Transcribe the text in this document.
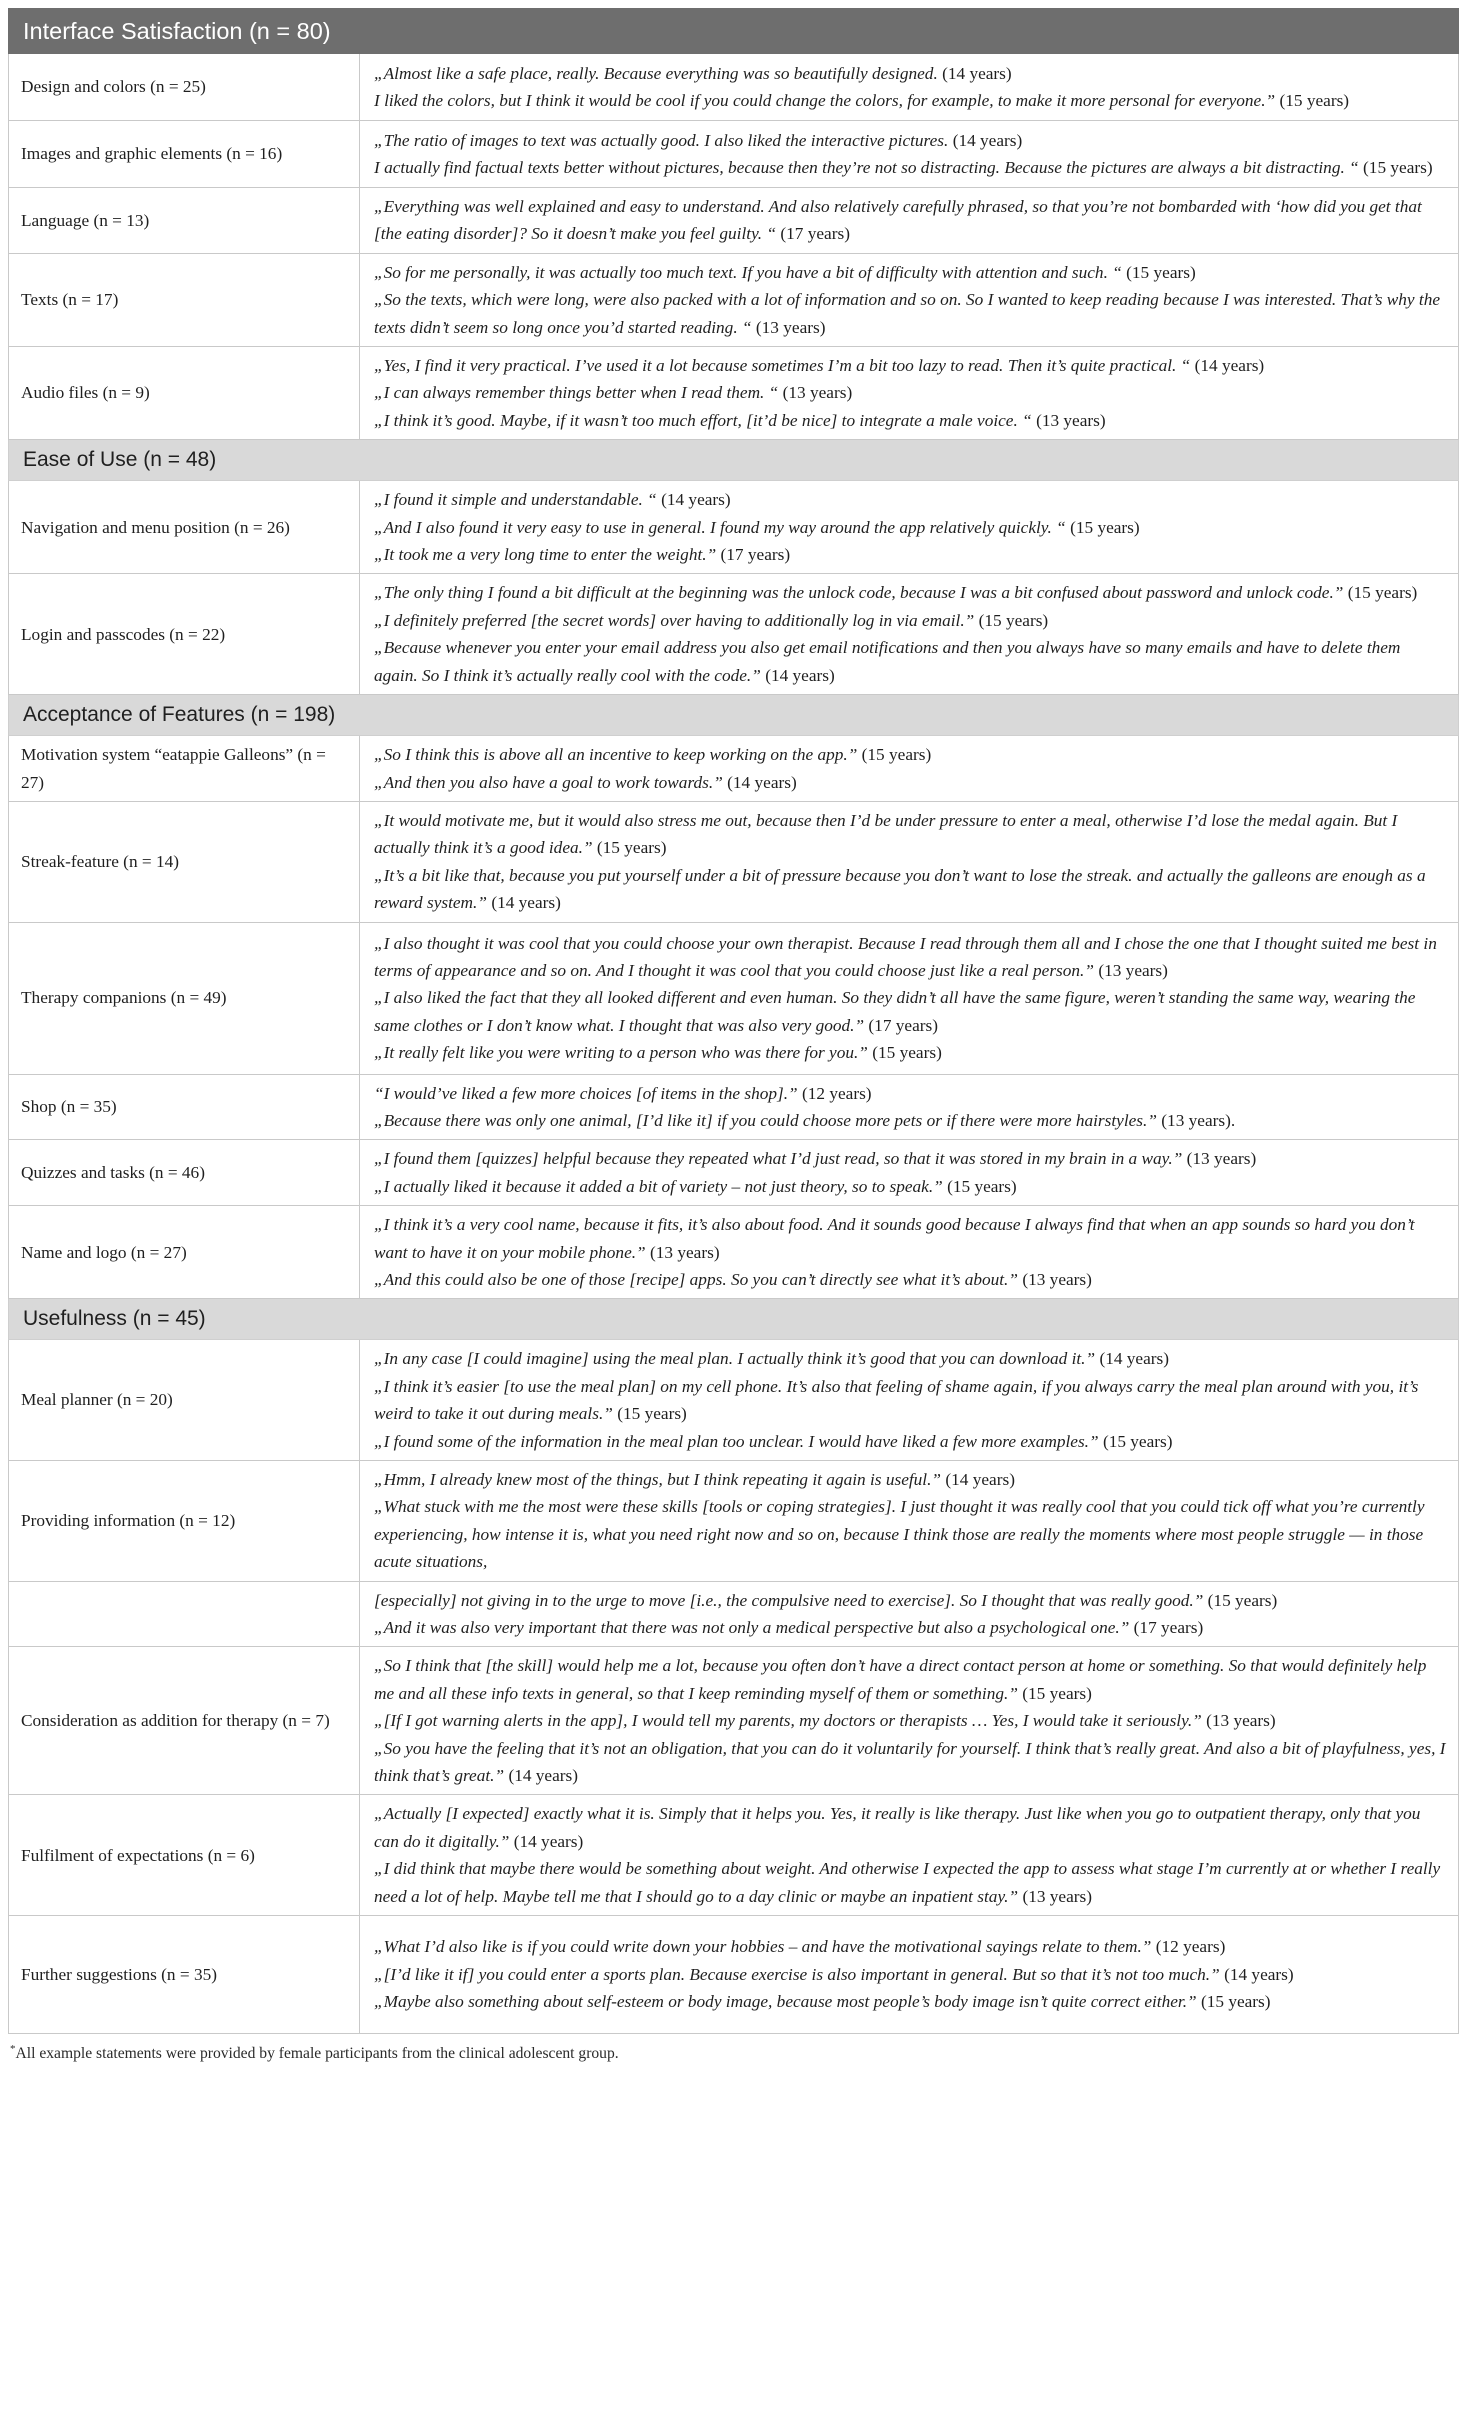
Interface Satisfaction (n = 80)	
Design and colors (n = 25)	„Almost like a safe place, really. Because everything was so beautifully designed. (14 years)
I liked the colors, but I think it would be cool if you could change the colors, for example, to make it more personal for everyone.” (15 years)

Images and graphic elements (n = 16)	„The ratio of images to text was actually good. I also liked the interactive pictures. (14 years)
I actually find factual texts better without pictures, because then they’re not so distracting. Because the pictures are always a bit distracting. “ (15 years)

Language (n = 13)	„Everything was well explained and easy to understand. And also relatively carefully phrased, so that you’re not bombarded with ‘how did you get that [the eating disorder]? So it doesn’t make you feel guilty. “ (17 years)

Texts (n = 17)	„So for me personally, it was actually too much text. If you have a bit of difficulty with attention and such. “ (15 years)
„So the texts, which were long, were also packed with a lot of information and so on. So I wanted to keep reading because I was interested. That’s why the texts didn’t seem so long once you’d started reading. “ (13 years)

Audio files (n = 9)	„Yes, I find it very practical. I’ve used it a lot because sometimes I’m a bit too lazy to read. Then it’s quite practical. “ (14 years)
„I can always remember things better when I read them. “ (13 years)
„I think it’s good. Maybe, if it wasn’t too much effort, [it’d be nice] to integrate a male voice. “ (13 years)

Ease of Use (n = 48)	
Navigation and menu position (n = 26)	„I found it simple and understandable. “ (14 years)
„And I also found it very easy to use in general. I found my way around the app relatively quickly. “ (15 years)
„It took me a very long time to enter the weight.” (17 years)

Login and passcodes (n = 22)	„The only thing I found a bit difficult at the beginning was the unlock code, because I was a bit confused about password and unlock code.” (15 years)
„I definitely preferred [the secret words] over having to additionally log in via email.” (15 years)
„Because whenever you enter your email address you also get email notifications and then you always have so many emails and have to delete them again. So I think it’s actually really cool with the code.” (14 years)

Acceptance of Features (n = 198)	
Motivation system “eatappie Galleons” (n = 27)	„So I think this is above all an incentive to keep working on the app.” (15 years)
„And then you also have a goal to work towards.” (14 years)

Streak-feature (n = 14)	„It would motivate me, but it would also stress me out, because then I’d be under pressure to enter a meal, otherwise I’d lose the medal again. But I actually think it’s a good idea.” (15 years)
„It’s a bit like that, because you put yourself under a bit of pressure because you don’t want to lose the streak. and actually the galleons are enough as a reward system.” (14 years)

Therapy companions (n = 49)	„I also thought it was cool that you could choose your own therapist. Because I read through them all and I chose the one that I thought suited me best in terms of appearance and so on. And I thought it was cool that you could choose just like a real person.” (13 years)
„I also liked the fact that they all looked different and even human. So they didn’t all have the same figure, weren’t standing the same way, wearing the same clothes or I don’t know what. I thought that was also very good.” (17 years)
„It really felt like you were writing to a person who was there for you.” (15 years)

Shop (n = 35)	“I would’ve liked a few more choices [of items in the shop].” (12 years)
„Because there was only one animal, [I’d like it] if you could choose more pets or if there were more hairstyles.” (13 years).

Quizzes and tasks (n = 46)	„I found them [quizzes] helpful because they repeated what I’d just read, so that it was stored in my brain in a way.” (13 years)
„I actually liked it because it added a bit of variety – not just theory, so to speak.” (15 years)

Name and logo (n = 27)	„I think it’s a very cool name, because it fits, it’s also about food. And it sounds good because I always find that when an app sounds so hard you don’t want to have it on your mobile phone.” (13 years)
„And this could also be one of those [recipe] apps. So you can’t directly see what it’s about.” (13 years)

Usefulness (n = 45)	
Meal planner (n = 20)	„In any case [I could imagine] using the meal plan. I actually think it’s good that you can download it.” (14 years)
„I think it’s easier [to use the meal plan] on my cell phone. It’s also that feeling of shame again, if you always carry the meal plan around with you, it’s weird to take it out during meals.” (15 years)
„I found some of the information in the meal plan too unclear. I would have liked a few more examples.” (15 years)

Providing information (n = 12)	„Hmm, I already knew most of the things, but I think repeating it again is useful.” (14 years)
„What stuck with me the most were these skills [tools or coping strategies]. I just thought it was really cool that you could tick off what you’re currently experiencing, how intense it is, what you need right now and so on, because I think those are really the moments where most people struggle — in those acute situations,

	[especially] not giving in to the urge to move [i.e., the compulsive need to exercise]. So I thought that was really good.” (15 years)
„And it was also very important that there was not only a medical perspective but also a psychological one.” (17 years)

Consideration as addition for therapy (n = 7)	„So I think that [the skill] would help me a lot, because you often don’t have a direct contact person at home or something. So that would definitely help me and all these info texts in general, so that I keep reminding myself of them or something.” (15 years)
„[If I got warning alerts in the app], I would tell my parents, my doctors or therapists … Yes, I would take it seriously.” (13 years)
„So you have the feeling that it’s not an obligation, that you can do it voluntarily for yourself. I think that’s really great. And also a bit of playfulness, yes, I think that’s great.” (14 years)

Fulfilment of expectations (n = 6)	„Actually [I expected] exactly what it is. Simply that it helps you. Yes, it really is like therapy. Just like when you go to outpatient therapy, only that you can do it digitally.” (14 years)
„I did think that maybe there would be something about weight. And otherwise I expected the app to assess what stage I’m currently at or whether I really need a lot of help. Maybe tell me that I should go to a day clinic or maybe an inpatient stay.” (13 years)

Further suggestions (n = 35)	„What I’d also like is if you could write down your hobbies – and have the motivational sayings relate to them.” (12 years)
„[I’d like it if] you could enter a sports plan. Because exercise is also important in general. But so that it’s not too much.” (14 years)
„Maybe also something about self-esteem or body image, because most people’s body image isn’t quite correct either.” (15 years)
*All example statements were provided by female participants from the clinical adolescent group.
